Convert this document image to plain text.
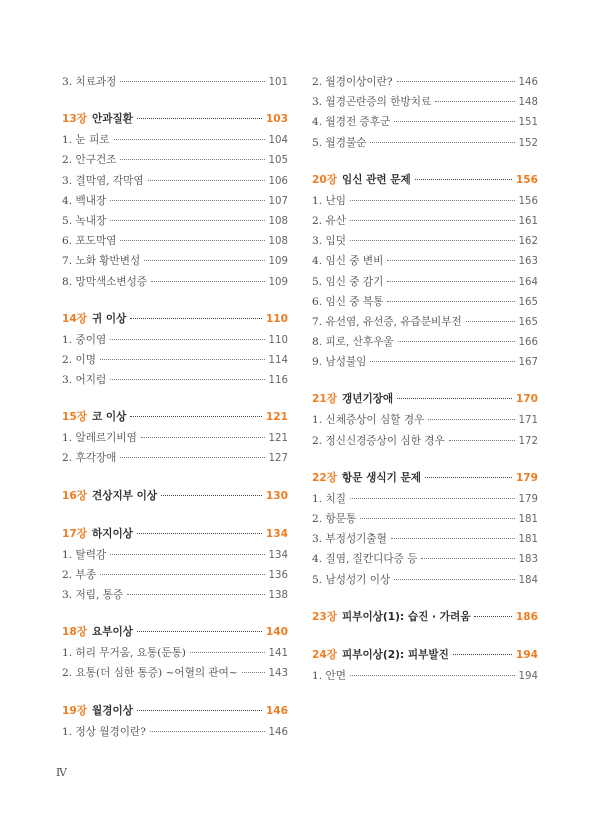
3. 치료과정	101
13장 안과질환	103
1. 눈 피로	104
2. 안구건조	105
3. 결막염, 각막염	106
4. 백내장	107
5. 녹내장	108
6. 포도막염	108
7. 노화 황반변성	109
8. 망막색소변성증	109
14장 귀 이상	110
1. 중이염	110
2. 이명	114
3. 어지럼	116
15장 코 이상	121
1. 알레르기비염	121
2. 후각장애	127
16장 견상지부 이상	130
17장 하지이상	134
1. 탈력감	134
2. 부종	136
3. 저림, 통증	138
18장 요부이상	140
1. 허리 무거움, 요통(둔통)	141
2. 요통(더 심한 통증) ~어혈의 관여~	143
19장 월경이상	146
1. 정상 월경이란?	146
2. 월경이상이란?	146
3. 월경곤란증의 한방치료	148
4. 월경전 증후군	151
5. 월경불순	152
20장 임신 관련 문제	156
1. 난임	156
2. 유산	161
3. 입덧	162
4. 임신 중 변비	163
5. 임신 중 감기	164
6. 임신 중 복통	165
7. 유선염, 유선증, 유즙분비부전	165
8. 피로, 산후우울	166
9. 남성불임	167
21장 갱년기장애	170
1. 신체증상이 심할 경우	171
2. 정신신경증상이 심한 경우	172
22장 항문 생식기 문제	179
1. 치질	179
2. 항문통	181
3. 부정성기출혈	181
4. 질염, 질칸디다증 등	183
5. 남성성기 이상	184
23장 피부이상(1): 습진 · 가려움	186
24장 피부이상(2): 피부발진	194
1. 안면	194
Ⅳ
